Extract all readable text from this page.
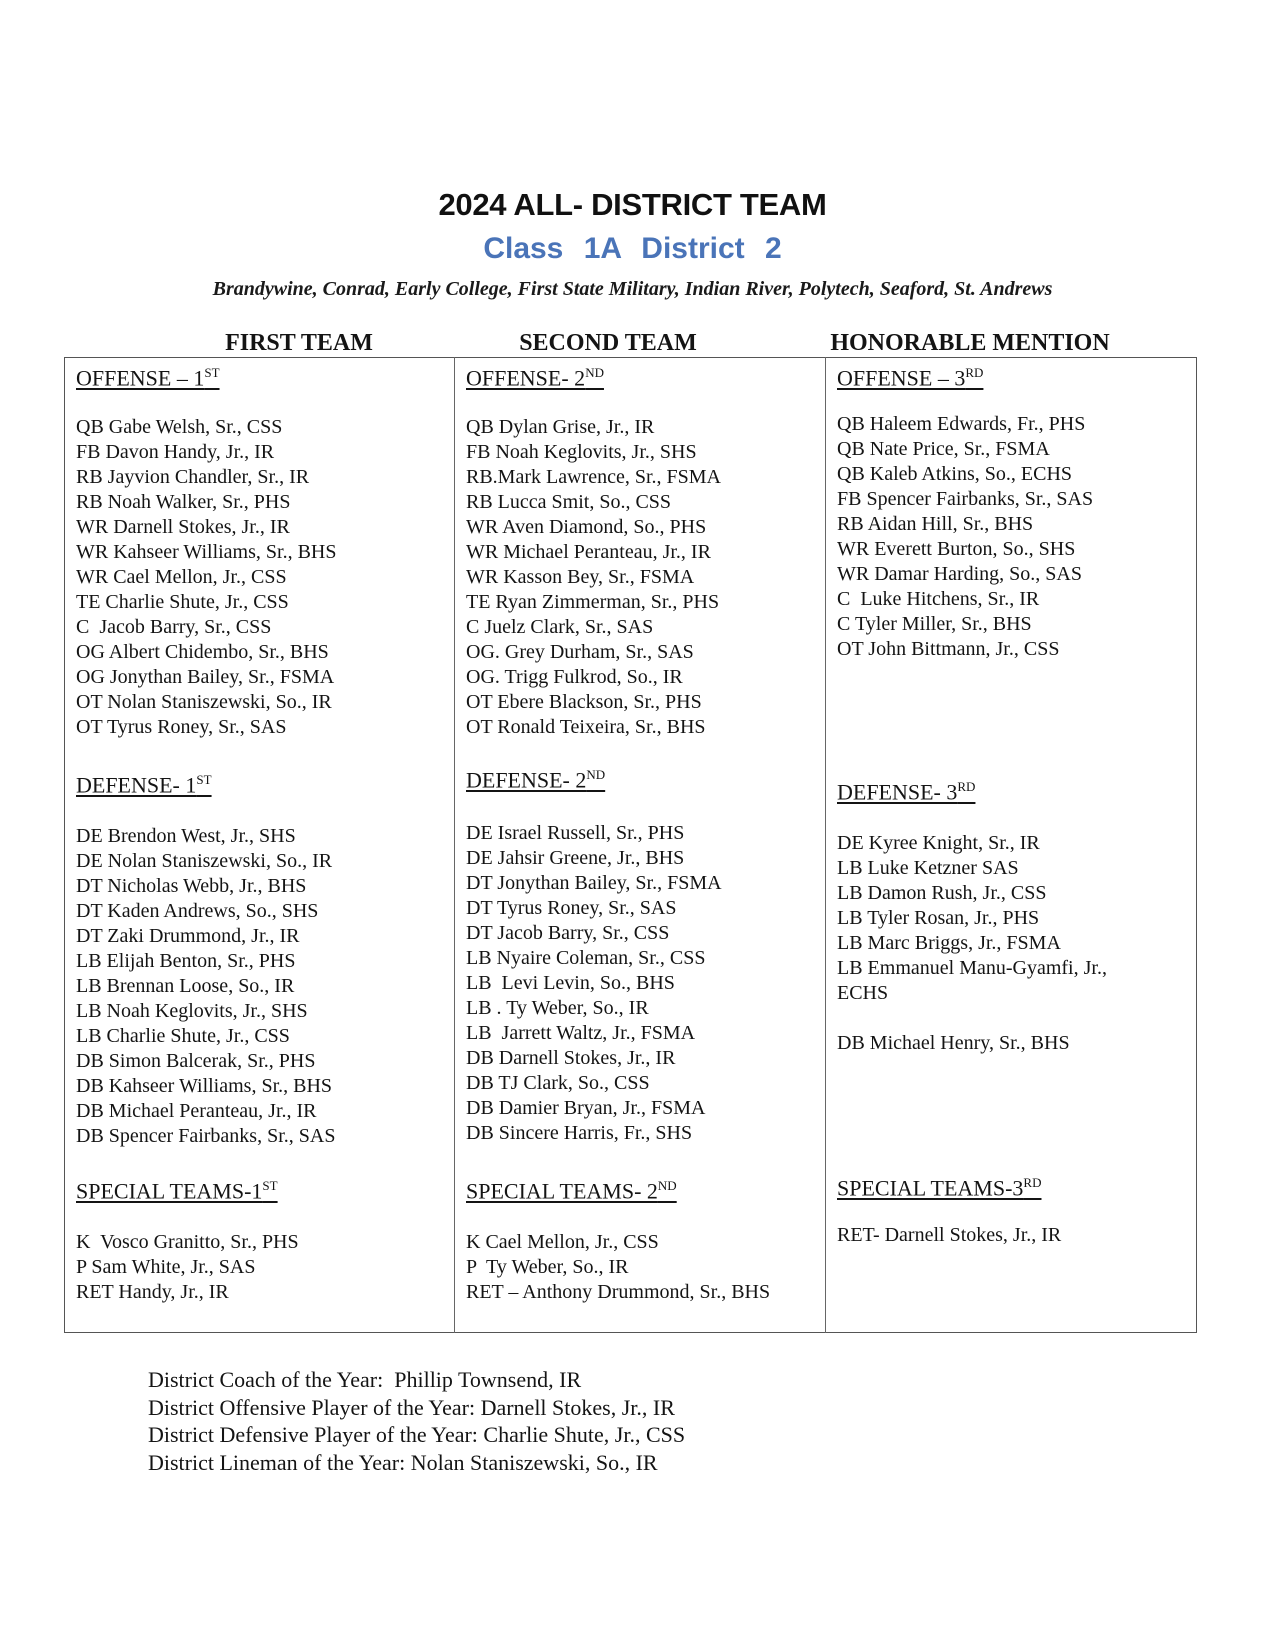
2024 ALL- DISTRICT TEAM
Class 1A District 2
Brandywine, Conrad, Early College, First State Military, Indian River, Polytech, Seaford, St. Andrews
FIRST TEAM	SECOND TEAM	HONORABLE MENTION
OFFENSE – 1ST
QB Gabe Welsh, Sr., CSS
FB Davon Handy, Jr., IR
RB Jayvion Chandler, Sr., IR
RB Noah Walker, Sr., PHS
WR Darnell Stokes, Jr., IR
WR Kahseer Williams, Sr., BHS
WR Cael Mellon, Jr., CSS
TE Charlie Shute, Jr., CSS
C  Jacob Barry, Sr., CSS
OG Albert Chidembo, Sr., BHS
OG Jonythan Bailey, Sr., FSMA
OT Nolan Staniszewski, So., IR
OT Tyrus Roney, Sr., SAS
DEFENSE- 1ST
DE Brendon West, Jr., SHS
DE Nolan Staniszewski, So., IR
DT Nicholas Webb, Jr., BHS
DT Kaden Andrews, So., SHS
DT Zaki Drummond, Jr., IR
LB Elijah Benton, Sr., PHS
LB Brennan Loose, So., IR
LB Noah Keglovits, Jr., SHS
LB Charlie Shute, Jr., CSS
DB Simon Balcerak, Sr., PHS
DB Kahseer Williams, Sr., BHS
DB Michael Peranteau, Jr., IR
DB Spencer Fairbanks, Sr., SAS
SPECIAL TEAMS-1ST
K  Vosco Granitto, Sr., PHS
P Sam White, Jr., SAS
RET Handy, Jr., IR
OFFENSE- 2ND
QB Dylan Grise, Jr., IR
FB Noah Keglovits, Jr., SHS
RB.Mark Lawrence, Sr., FSMA
RB Lucca Smit, So., CSS
WR Aven Diamond, So., PHS
WR Michael Peranteau, Jr., IR
WR Kasson Bey, Sr., FSMA
TE Ryan Zimmerman, Sr., PHS
C Juelz Clark, Sr., SAS
OG. Grey Durham, Sr., SAS
OG. Trigg Fulkrod, So., IR
OT Ebere Blackson, Sr., PHS
OT Ronald Teixeira, Sr., BHS
DEFENSE- 2ND
DE Israel Russell, Sr., PHS
DE Jahsir Greene, Jr., BHS
DT Jonythan Bailey, Sr., FSMA
DT Tyrus Roney, Sr., SAS
DT Jacob Barry, Sr., CSS
LB Nyaire Coleman, Sr., CSS
LB  Levi Levin, So., BHS
LB . Ty Weber, So., IR
LB  Jarrett Waltz, Jr., FSMA
DB Darnell Stokes, Jr., IR
DB TJ Clark, So., CSS
DB Damier Bryan, Jr., FSMA
DB Sincere Harris, Fr., SHS
SPECIAL TEAMS- 2ND
K Cael Mellon, Jr., CSS
P  Ty Weber, So., IR
RET – Anthony Drummond, Sr., BHS
OFFENSE – 3RD
QB Haleem Edwards, Fr., PHS
QB Nate Price, Sr., FSMA
QB Kaleb Atkins, So., ECHS
FB Spencer Fairbanks, Sr., SAS
RB Aidan Hill, Sr., BHS
WR Everett Burton, So., SHS
WR Damar Harding, So., SAS
C  Luke Hitchens, Sr., IR
C Tyler Miller, Sr., BHS
OT John Bittmann, Jr., CSS
DEFENSE- 3RD
DE Kyree Knight, Sr., IR
LB Luke Ketzner SAS
LB Damon Rush, Jr., CSS
LB Tyler Rosan, Jr., PHS
LB Marc Briggs, Jr., FSMA
LB Emmanuel Manu-Gyamfi, Jr.,
ECHS
DB Michael Henry, Sr., BHS
SPECIAL TEAMS-3RD
RET- Darnell Stokes, Jr., IR
District Coach of the Year:  Phillip Townsend, IR
District Offensive Player of the Year: Darnell Stokes, Jr., IR
District Defensive Player of the Year: Charlie Shute, Jr., CSS
District Lineman of the Year: Nolan Staniszewski, So., IR
